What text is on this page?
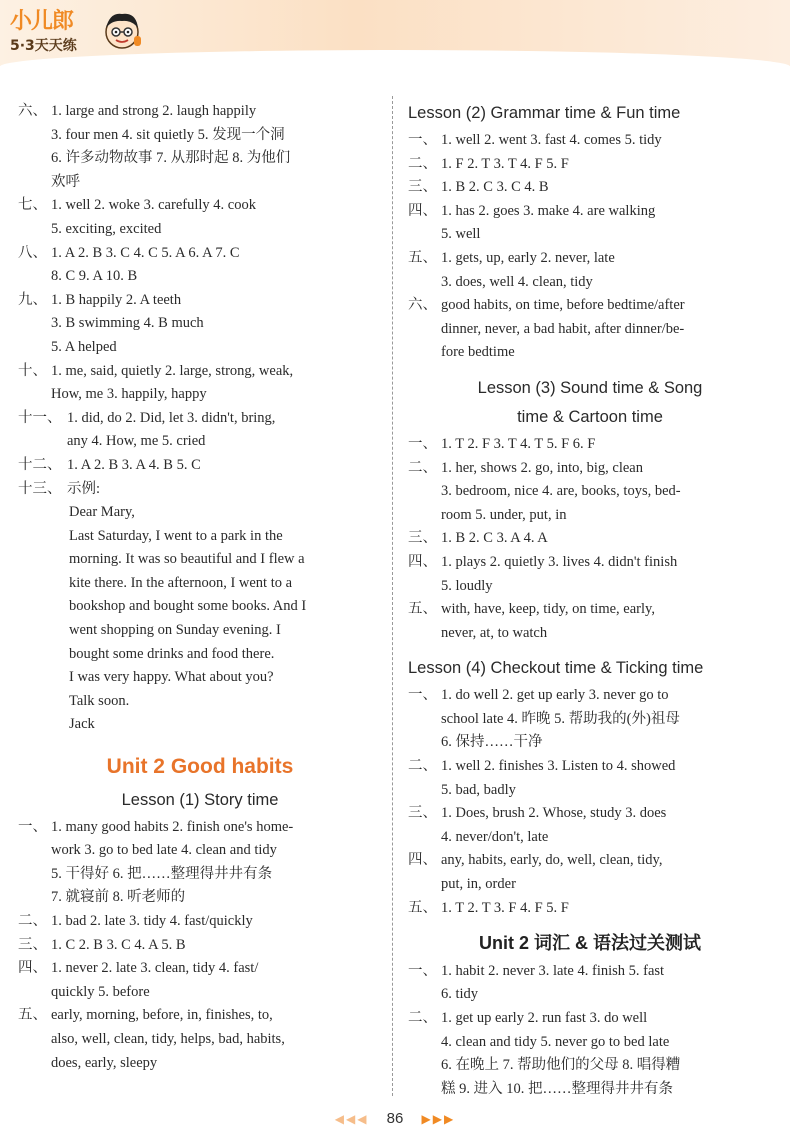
小儿郎
5·3天天练
六、 1. large and strong 2. laugh happily
3. four men 4. sit quietly 5. 发现一个洞
6. 许多动物故事 7. 从那时起 8. 为他们
欢呼
七、 1. well 2. woke 3. carefully 4. cook
5. exciting, excited
八、 1. A 2. B 3. C 4. C 5. A 6. A 7. C
8. C 9. A 10. B
九、 1. B happily 2. A teeth
3. B swimming 4. B much
5. A helped
十、 1. me, said, quietly 2. large, strong, weak,
How, me 3. happily, happy
十一、 1. did, do 2. Did, let 3. didn't, bring,
any 4. How, me 5. cried
十二、 1. A 2. B 3. A 4. B 5. C
十三、 示例:
Dear Mary,
Last Saturday, I went to a park in the
morning. It was so beautiful and I flew a
kite there. In the afternoon, I went to a
bookshop and bought some books. And I
went shopping on Sunday evening. I
bought some drinks and food there.
I was very happy. What about you?
Talk soon.
Jack
Unit 2 Good habits
Lesson (1) Story time
一、 1. many good habits 2. finish one's home-
work 3. go to bed late 4. clean and tidy
5. 干得好 6. 把……整理得井井有条
7. 就寝前 8. 听老师的
二、 1. bad 2. late 3. tidy 4. fast/quickly
三、 1. C 2. B 3. C 4. A 5. B
四、 1. never 2. late 3. clean, tidy 4. fast/
quickly 5. before
五、 early, morning, before, in, finishes, to,
also, well, clean, tidy, helps, bad, habits,
does, early, sleepy
Lesson (2) Grammar time & Fun time
一、 1. well 2. went 3. fast 4. comes 5. tidy
二、 1. F 2. T 3. T 4. F 5. F
三、 1. B 2. C 3. C 4. B
四、 1. has 2. goes 3. make 4. are walking
5. well
五、 1. gets, up, early 2. never, late
3. does, well 4. clean, tidy
六、 good habits, on time, before bedtime/after
dinner, never, a bad habit, after dinner/be-
fore bedtime
Lesson (3) Sound time & Song
time & Cartoon time
一、 1. T 2. F 3. T 4. T 5. F 6. F
二、 1. her, shows 2. go, into, big, clean
3. bedroom, nice 4. are, books, toys, bed-
room 5. under, put, in
三、 1. B 2. C 3. A 4. A
四、 1. plays 2. quietly 3. lives 4. didn't finish
5. loudly
五、 with, have, keep, tidy, on time, early,
never, at, to watch
Lesson (4) Checkout time & Ticking time
一、 1. do well 2. get up early 3. never go to
school late 4. 昨晚 5. 帮助我的(外)祖母
6. 保持……干净
二、 1. well 2. finishes 3. Listen to 4. showed
5. bad, badly
三、 1. Does, brush 2. Whose, study 3. does
4. never/don't, late
四、 any, habits, early, do, well, clean, tidy,
put, in, order
五、 1. T 2. T 3. F 4. F 5. F
Unit 2 词汇 & 语法过关测试
一、 1. habit 2. never 3. late 4. finish 5. fast
6. tidy
二、 1. get up early 2. run fast 3. do well
4. clean and tidy 5. never go to bed late
6. 在晚上 7. 帮助他们的父母 8. 唱得糟
糕 9. 进入 10. 把……整理得井井有条
◀◀◀ 86 ▶▶▶
